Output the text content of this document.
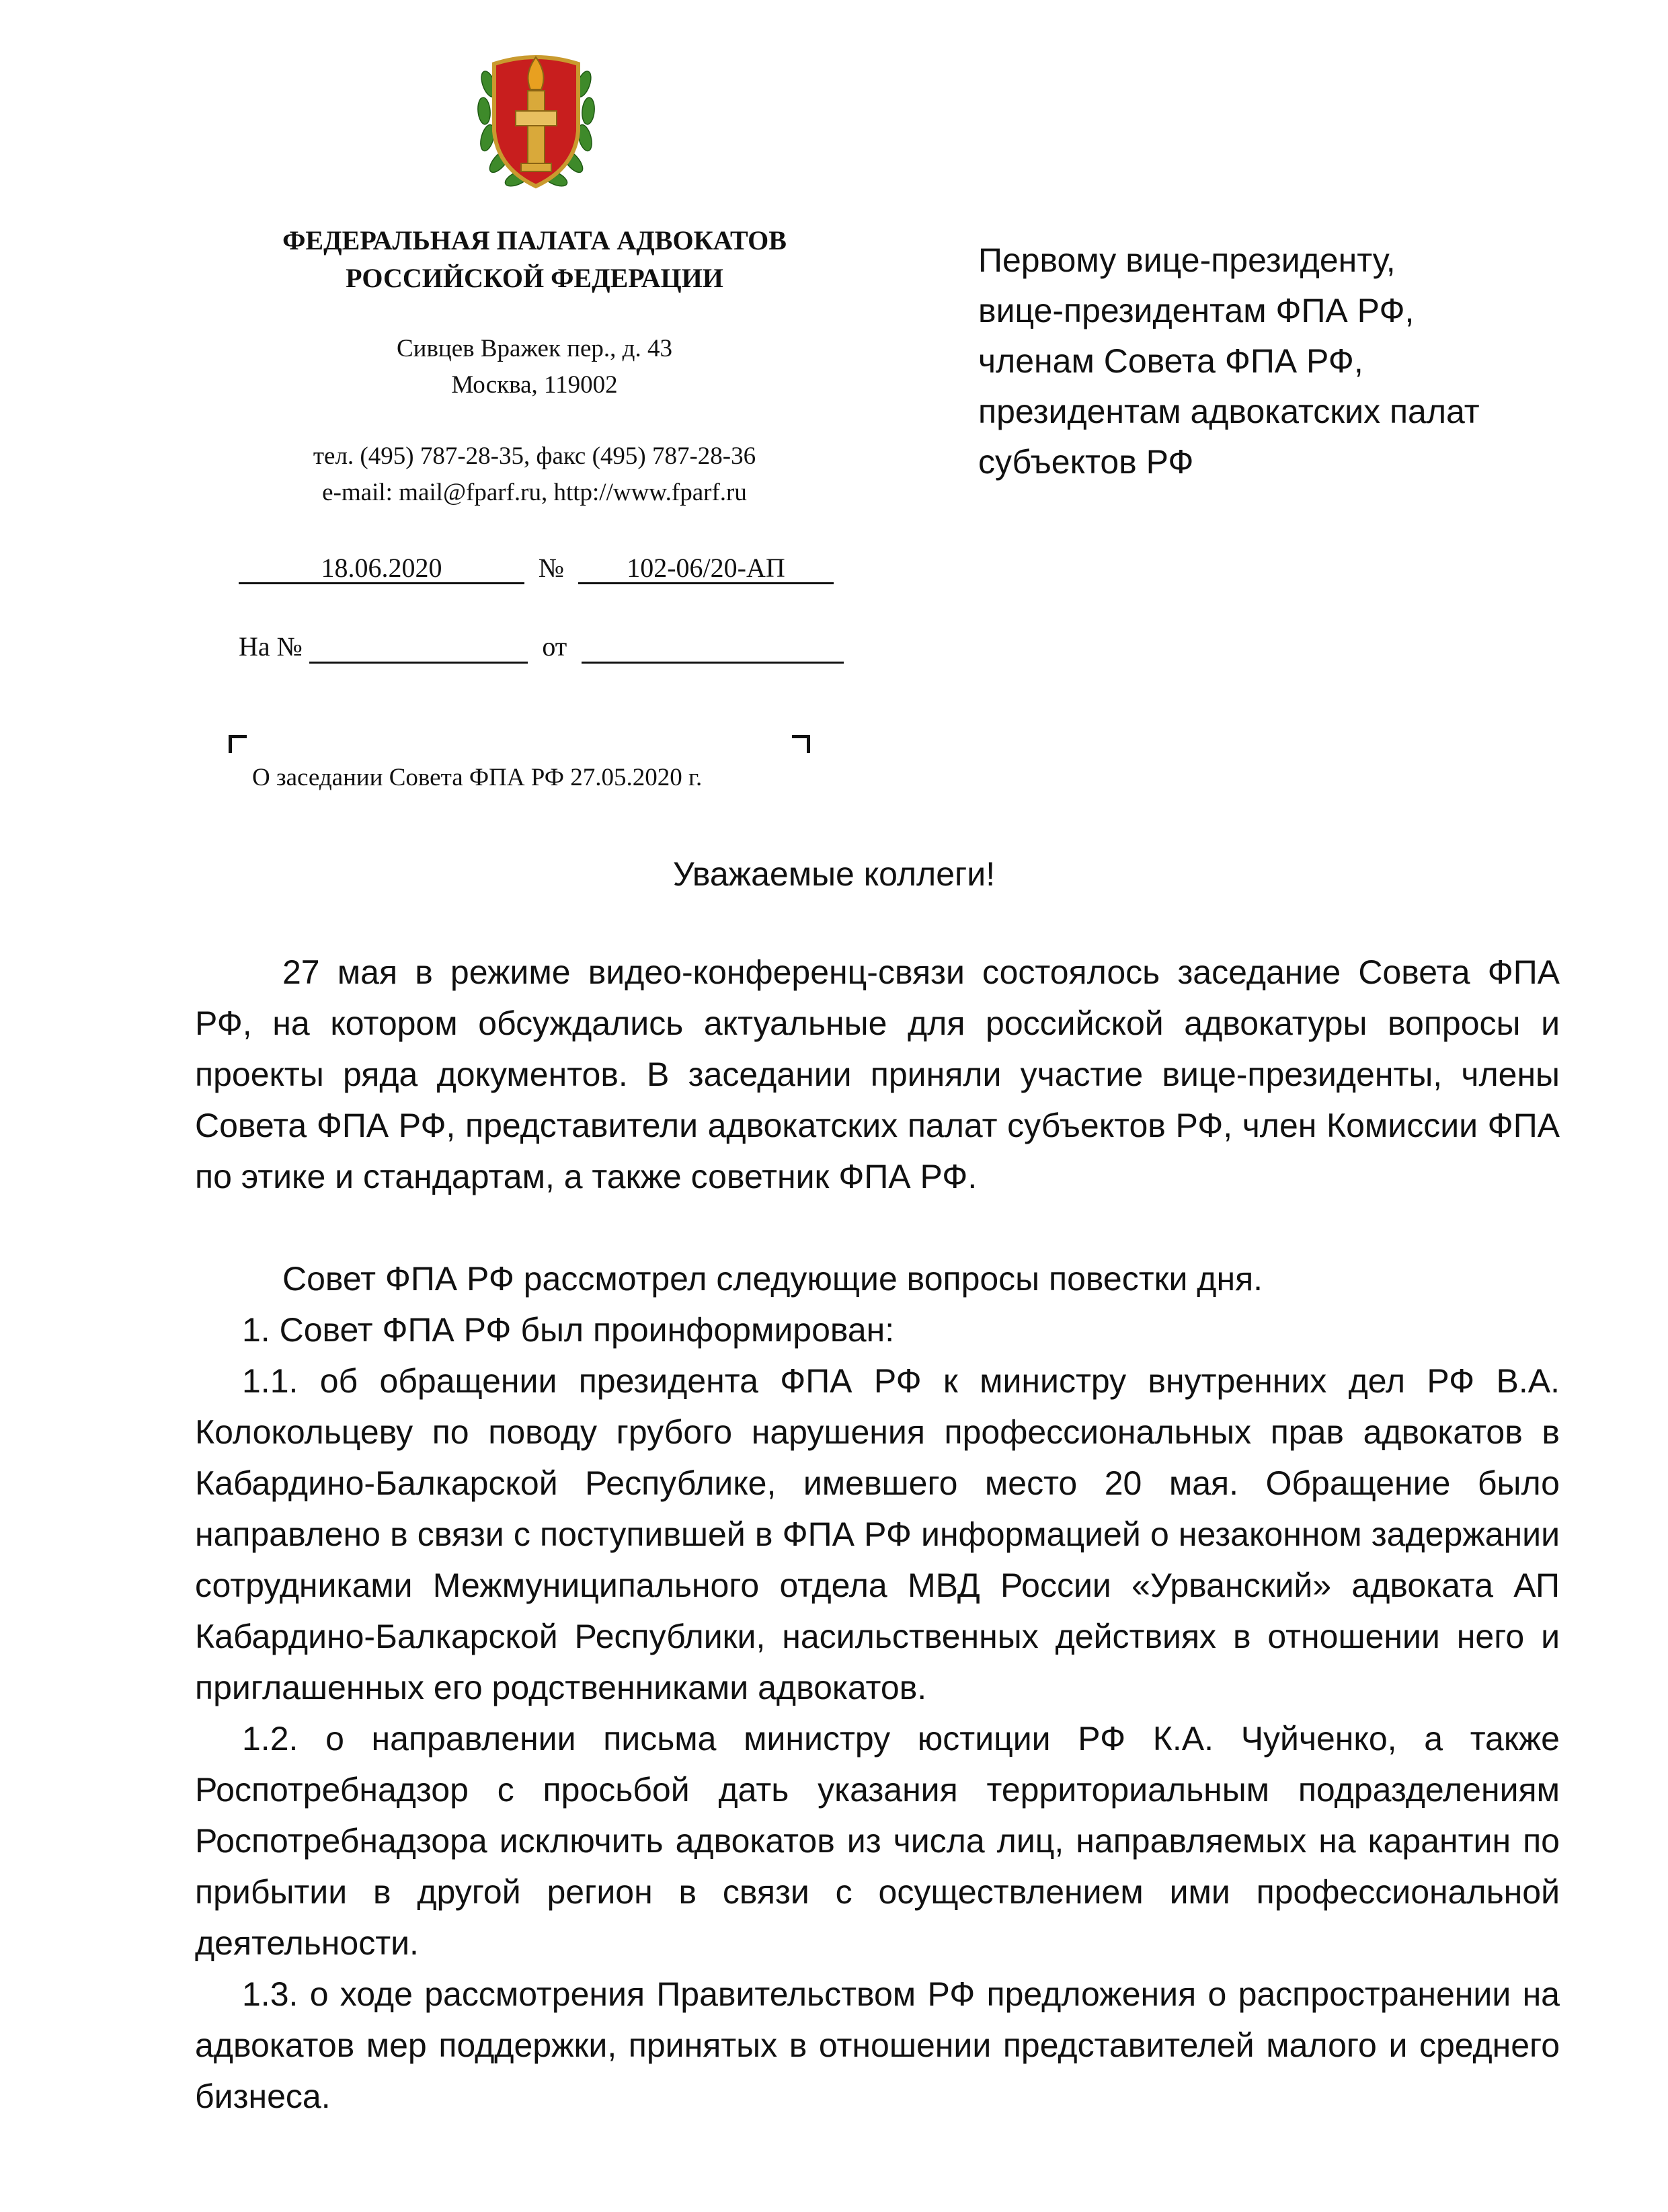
ФЕДЕРАЛЬНАЯ ПАЛАТА АДВОКАТОВ
РОССИЙСКОЙ ФЕДЕРАЦИИ
Сивцев Вражек пер., д. 43
Москва, 119002
тел. (495) 787-28-35, факс (495) 787-28-36
e-mail: mail@fparf.ru, http://www.fparf.ru
Первому вице-президенту,
вице-президентам ФПА РФ,
членам Совета ФПА РФ,
президентам адвокатских палат
субъектов РФ
18.06.2020	№ 102-06/20-АП
На №	от
О заседании Совета ФПА РФ 27.05.2020 г.
Уважаемые коллеги!

27 мая в режиме видео-конференц-связи состоялось заседание Совета ФПА РФ, на котором обсуждались актуальные для российской адвокатуры вопросы и проекты ряда документов. В заседании приняли участие вице-президенты, члены Совета ФПА РФ, представители адвокатских палат субъектов РФ, член Комиссии ФПА по этике и стандартам, а также советник ФПА РФ.

Совет ФПА РФ рассмотрел следующие вопросы повестки дня.

1. Совет ФПА РФ был проинформирован:

1.1. об обращении президента ФПА РФ к министру внутренних дел РФ В.А. Колокольцеву по поводу грубого нарушения профессиональных прав адвокатов в Кабардино-Балкарской Республике, имевшего место 20 мая. Обращение было направлено в связи с поступившей в ФПА РФ информацией о незаконном задержании сотрудниками Межмуниципального отдела МВД России «Урванский» адвоката АП Кабардино-Балкарской Республики, насильственных действиях в отношении него и приглашенных его родственниками адвокатов.

1.2. о направлении письма министру юстиции РФ К.А. Чуйченко, а также Роспотребнадзор с просьбой дать указания территориальным подразделениям Роспотребнадзора исключить адвокатов из числа лиц, направляемых на карантин по прибытии в другой регион в связи с осуществлением ими профессиональной деятельности.

1.3. о ходе рассмотрения Правительством РФ предложения о распространении на адвокатов мер поддержки, принятых в отношении представителей малого и среднего бизнеса.
